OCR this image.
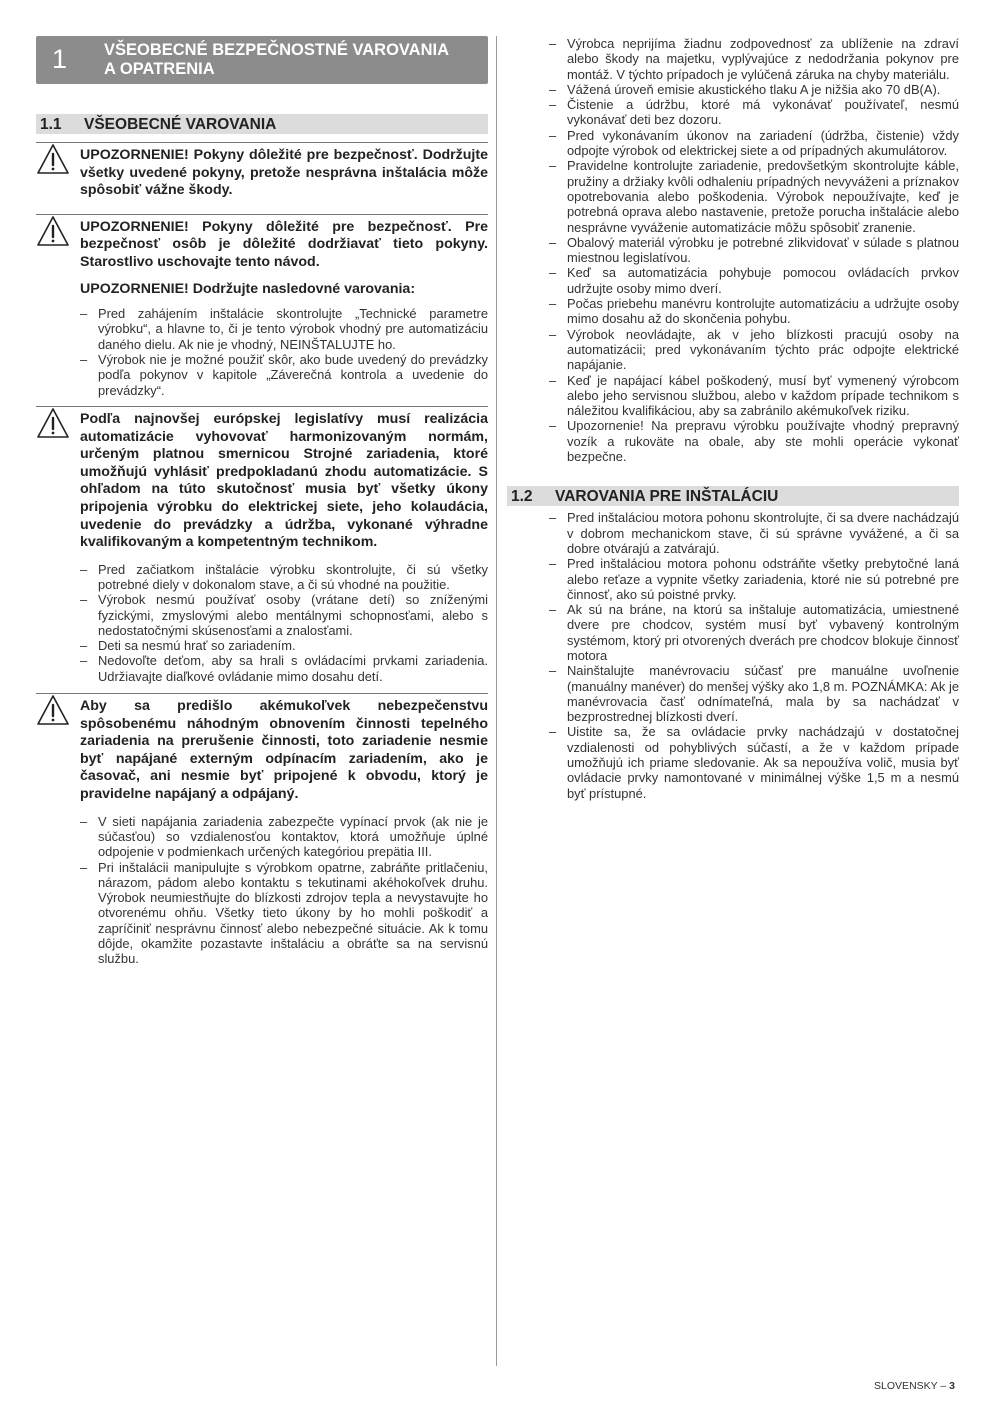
1 VŠEOBECNÉ BEZPEČNOSTNÉ VAROVANIA
A OPATRENIA
1.1 VŠEOBECNÉ VAROVANIA

UPOZORNENIE! Pokyny dôležité pre bezpečnosť. Dodržujte všetky uvedené pokyny, pretože nesprávna inštalácia môže spôsobiť vážne škody.

UPOZORNENIE! Pokyny dôležité pre bezpečnosť. Pre bezpečnosť osôb je dôležité dodržiavať tieto pokyny. Starostlivo uschovajte tento návod.

UPOZORNENIE! Dodržujte nasledovné varovania:

– Pred zahájením inštalácie skontrolujte „Technické parametre výrobku“, a hlavne to, či je tento výrobok vhodný pre automatizáciu daného dielu. Ak nie je vhodný, NEINŠTALUJTE ho.
– Výrobok nie je možné použiť skôr, ako bude uvedený do prevádzky podľa pokynov v kapitole „Záverečná kontrola a uvedenie do prevádzky“.

Podľa najnovšej európskej legislatívy musí realizácia automatizácie vyhovovať harmonizovaným normám, určeným platnou smernicou Strojné zariadenia, ktoré umožňujú vyhlásiť predpokladanú zhodu automatizácie. S ohľadom na túto skutočnosť musia byť všetky úkony pripojenia výrobku do elektrickej siete, jeho kolaudácia, uvedenie do prevádzky a údržba, vykonané výhradne kvalifikovaným a kompetentným technikom.

– Pred začiatkom inštalácie výrobku skontrolujte, či sú všetky potrebné diely v dokonalom stave, a či sú vhodné na použitie.
– Výrobok nesmú používať osoby (vrátane detí) so zníženými fyzickými, zmyslovými alebo mentálnymi schopnosťami, alebo s nedostatočnými skúsenosťami a znalosťami.
– Deti sa nesmú hrať so zariadením.
– Nedovoľte deťom, aby sa hrali s ovládacími prvkami zariadenia. Udržiavajte diaľkové ovládanie mimo dosahu detí.

Aby sa predišlo akémukoľvek nebezpečenstvu spôsobenému náhodným obnovením činnosti tepelného zariadenia na prerušenie činnosti, toto zariadenie nesmie byť napájané externým odpínacím zariadením, ako je časovač, ani nesmie byť pripojené k obvodu, ktorý je pravidelne napájaný a odpájaný.

– V sieti napájania zariadenia zabezpečte vypínací prvok (ak nie je súčasťou) so vzdialenosťou kontaktov, ktorá umožňuje úplné odpojenie v podmienkach určených kategóriou prepätia III.
– Pri inštalácii manipulujte s výrobkom opatrne, zabráňte pritlačeniu, nárazom, pádom alebo kontaktu s tekutinami akéhokoľvek druhu. Výrobok neumiestňujte do blízkosti zdrojov tepla a nevystavujte ho otvorenému ohňu. Všetky tieto úkony by ho mohli poškodiť a zapríčiniť nesprávnu činnosť alebo nebezpečné situácie. Ak k tomu dôjde, okamžite pozastavte inštaláciu a obráťte sa na servisnú službu.
– Výrobca neprijíma žiadnu zodpovednosť za ublíženie na zdraví alebo škody na majetku, vyplývajúce z nedodržania pokynov pre montáž. V týchto prípadoch je vylúčená záruka na chyby materiálu.
– Vážená úroveň emisie akustického tlaku A je nižšia ako 70 dB(A).
– Čistenie a údržbu, ktoré má vykonávať používateľ, nesmú vykonávať deti bez dozoru.
– Pred vykonávaním úkonov na zariadení (údržba, čistenie) vždy odpojte výrobok od elektrickej siete a od prípadných akumulátorov.
– Pravidelne kontrolujte zariadenie, predovšetkým skontrolujte káble, pružiny a držiaky kvôli odhaleniu prípadných nevyváženi a príznakov opotrebovania alebo poškodenia. Výrobok nepoužívajte, keď je potrebná oprava alebo nastavenie, pretože porucha inštalácie alebo nesprávne vyváženie automatizácie môžu spôsobiť zranenie.
– Obalový materiál výrobku je potrebné zlikvidovať v súlade s platnou miestnou legislatívou.
– Keď sa automatizácia pohybuje pomocou ovládacích prvkov udržujte osoby mimo dverí.
– Počas priebehu manévru kontrolujte automatizáciu a udržujte osoby mimo dosahu až do skončenia pohybu.
– Výrobok neovládajte, ak v jeho blízkosti pracujú osoby na automatizácii; pred vykonávaním týchto prác odpojte elektrické napájanie.
– Keď je napájací kábel poškodený, musí byť vymenený výrobcom alebo jeho servisnou službou, alebo v každom prípade technikom s náležitou kvalifikáciou, aby sa zabránilo akémukoľvek riziku.
– Upozornenie! Na prepravu výrobku používajte vhodný prepravný vozík a rukoväte na obale, aby ste mohli operácie vykonať bezpečne.
1.2 VAROVANIA PRE INŠTALÁCIU
– Pred inštaláciou motora pohonu skontrolujte, či sa dvere nachádzajú v dobrom mechanickom stave, či sú správne vyvážené, a či sa dobre otvárajú a zatvárajú.
– Pred inštaláciou motora pohonu odstráňte všetky prebytočné laná alebo reťaze a vypnite všetky zariadenia, ktoré nie sú potrebné pre činnosť, ako sú poistné prvky.
– Ak sú na bráne, na ktorú sa inštaluje automatizácia, umiestnené dvere pre chodcov, systém musí byť vybavený kontrolným systémom, ktorý pri otvorených dverách pre chodcov blokuje činnosť motora
– Nainštalujte manévrovaciu súčasť pre manuálne uvoľnenie (manuálny manéver) do menšej výšky ako 1,8 m. POZNÁMKA: Ak je manévrovacia časť odnímateľná, mala by sa nachádzať v bezprostrednej blízkosti dverí.
– Uistite sa, že sa ovládacie prvky nachádzajú v dostatočnej vzdialenosti od pohyblivých súčastí, a že v každom prípade umožňujú ich priame sledovanie. Ak sa nepoužíva volič, musia byť ovládacie prvky namontované v minimálnej výške 1,5 m a nesmú byť prístupné.
SLOVENSKY – 3
